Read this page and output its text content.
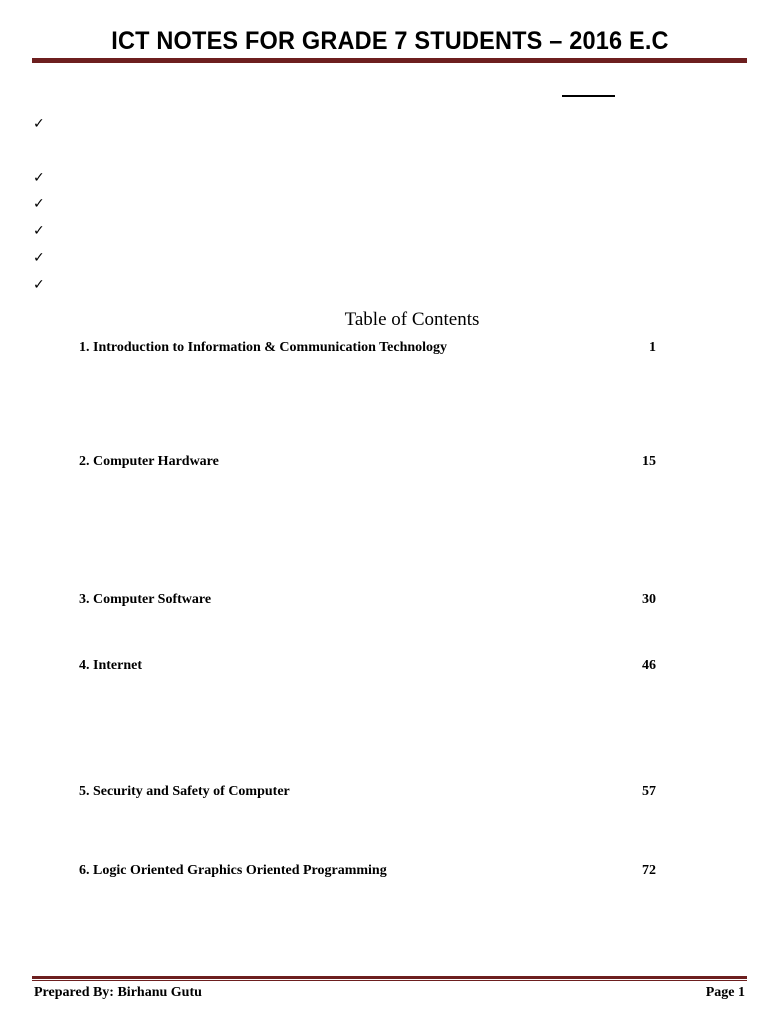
ICT NOTES FOR GRADE 7 STUDENTS – 2016 E.C
✓
✓
✓
✓
✓
✓
Table of Contents
1. Introduction to Information & Communication Technology	1
2. Computer Hardware	15
3. Computer Software	30
4. Internet	46
5. Security and Safety of Computer	57
6. Logic Oriented Graphics Oriented Programming	72
Prepared By: Birhanu Gutu	Page 1
